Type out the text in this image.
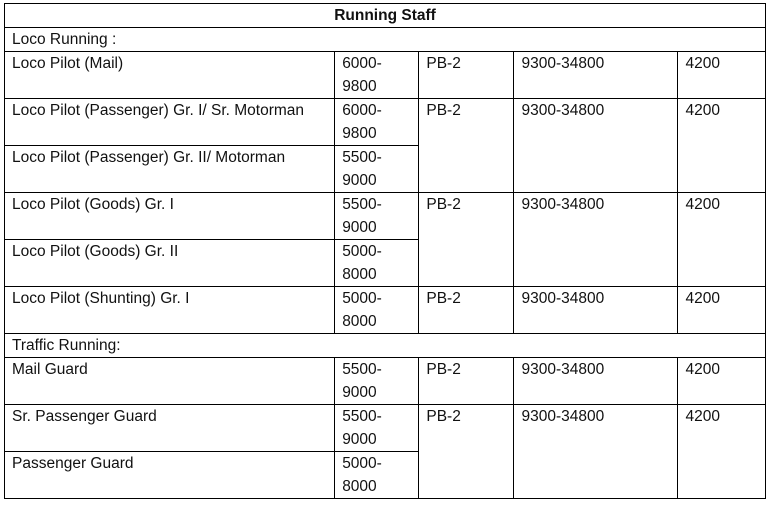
Running Staff				
Loco Running :				
Loco Pilot (Mail)	6000-9800	PB-2	9300-34800	4200
Loco Pilot (Passenger) Gr. I/ Sr. Motorman	6000-9800	PB-2	9300-34800	4200
Loco Pilot (Passenger) Gr. II/ Motorman	5500-9000			
Loco Pilot (Goods) Gr. I	5500-9000	PB-2	9300-34800	4200
Loco Pilot (Goods) Gr. II	5000-8000			
Loco Pilot (Shunting) Gr. I	5000-8000	PB-2	9300-34800	4200
Traffic Running:				
Mail Guard	5500-9000	PB-2	9300-34800	4200
Sr. Passenger Guard	5500-9000	PB-2	9300-34800	4200
Passenger Guard	5000-8000			
